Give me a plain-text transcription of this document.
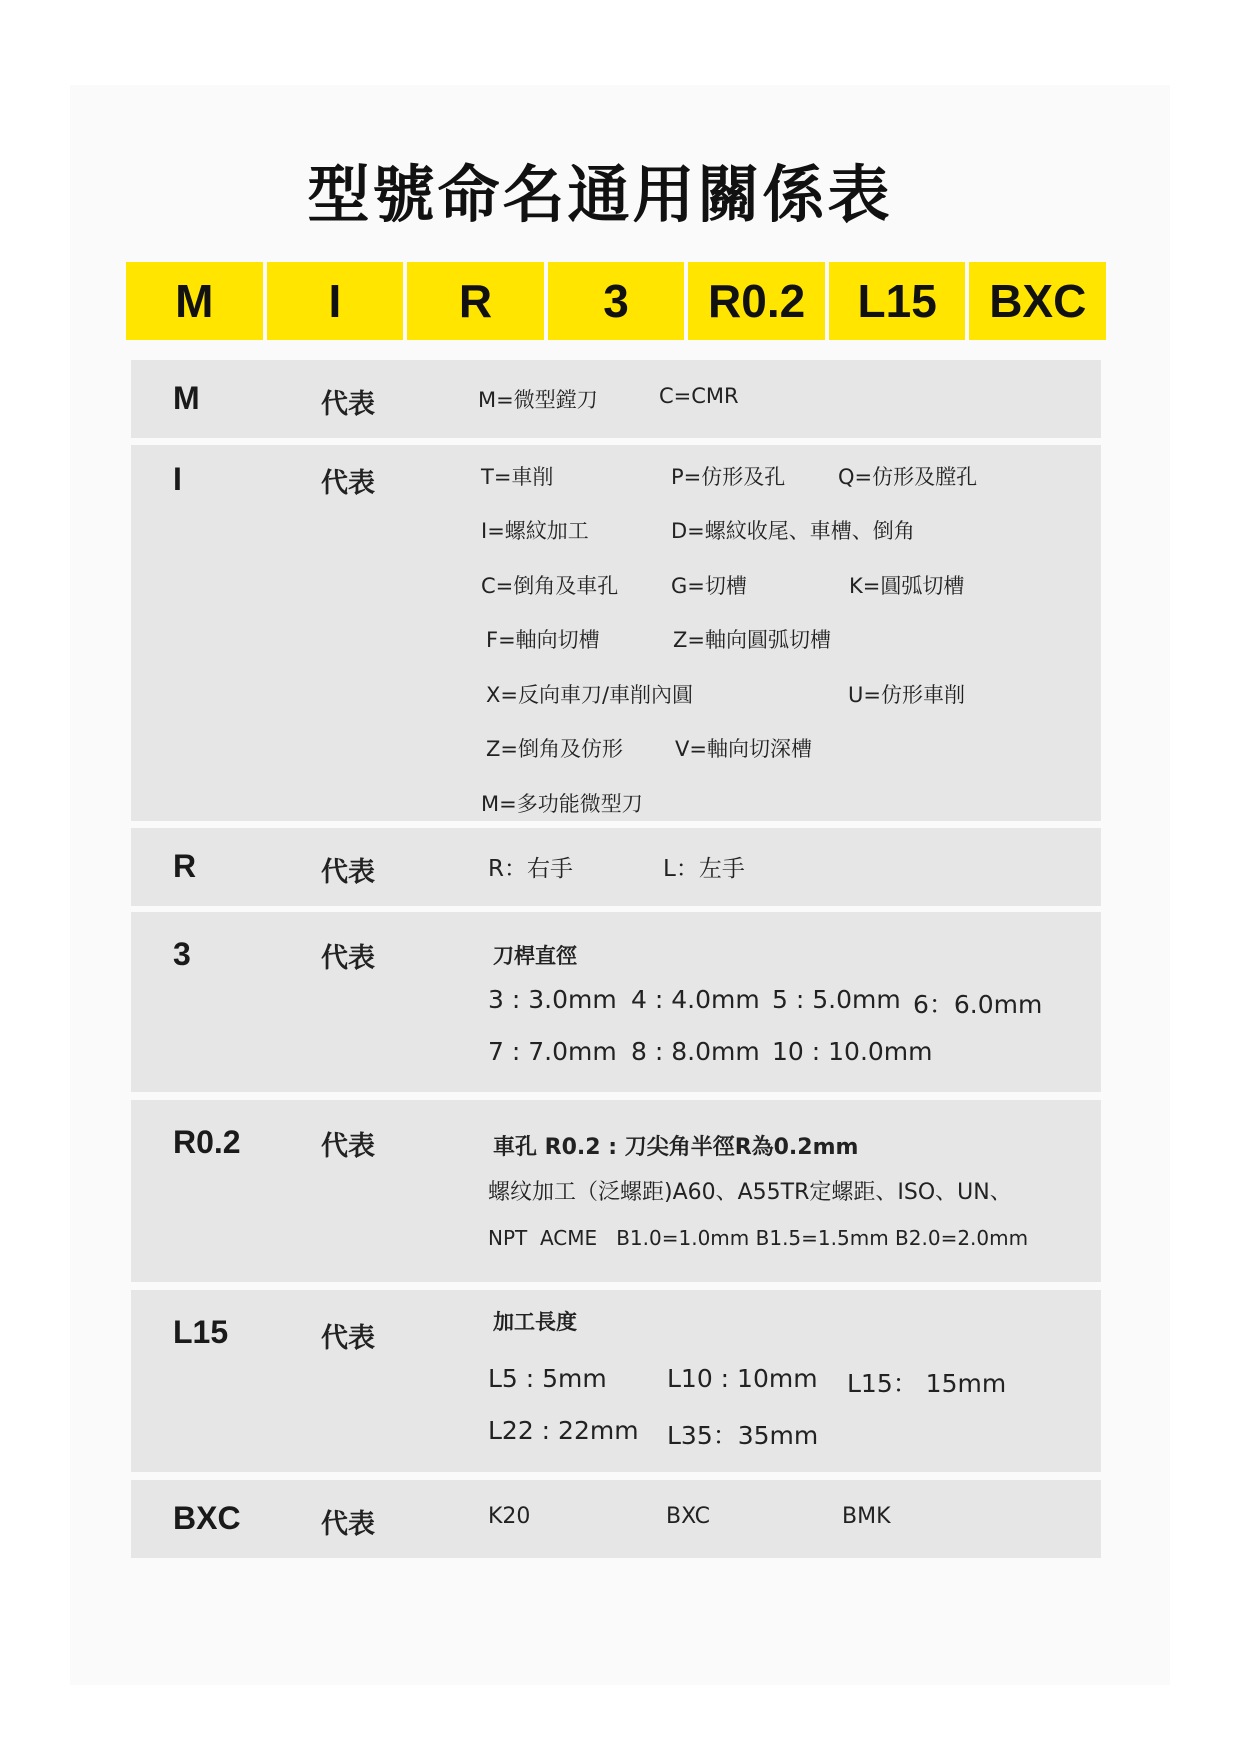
型號命名通用關係表
M	I	R	3	R0.2	L15	BXC
M	代表	M=微型鏜刀	C=CMR
I	代表	T=車削	P=仿形及孔	Q=仿形及膛孔
I=螺紋加工	D=螺紋收尾、車槽、倒角
C=倒角及車孔	G=切槽	K=圓弧切槽
F=軸向切槽	Z=軸向圓弧切槽
X=反向車刀/車削內圓	U=仿形車削
Z=倒角及仿形 V=軸向切深槽
M=多功能微型刀
R	代表	R：右手	L：左手
3	代表	刀桿直徑
3 : 3.0mm 4 : 4.0mm 5 : 5.0mm 6：6.0mm
7 : 7.0mm 8 : 8.0mm 10 : 10.0mm
R0.2	代表	車孔 R0.2 : 刀尖角半徑R為0.2mm
螺纹加工（泛螺距)A60、A55TR定螺距、ISO、UN、
NPT  ACME   B1.0=1.0mm B1.5=1.5mm B2.0=2.0mm
L15	代表
加工長度
L5 : 5mm L10 : 10mm L15： 15mm
L22 : 22mm L35：35mm
BXC	代表	K20	BXC	BMK
